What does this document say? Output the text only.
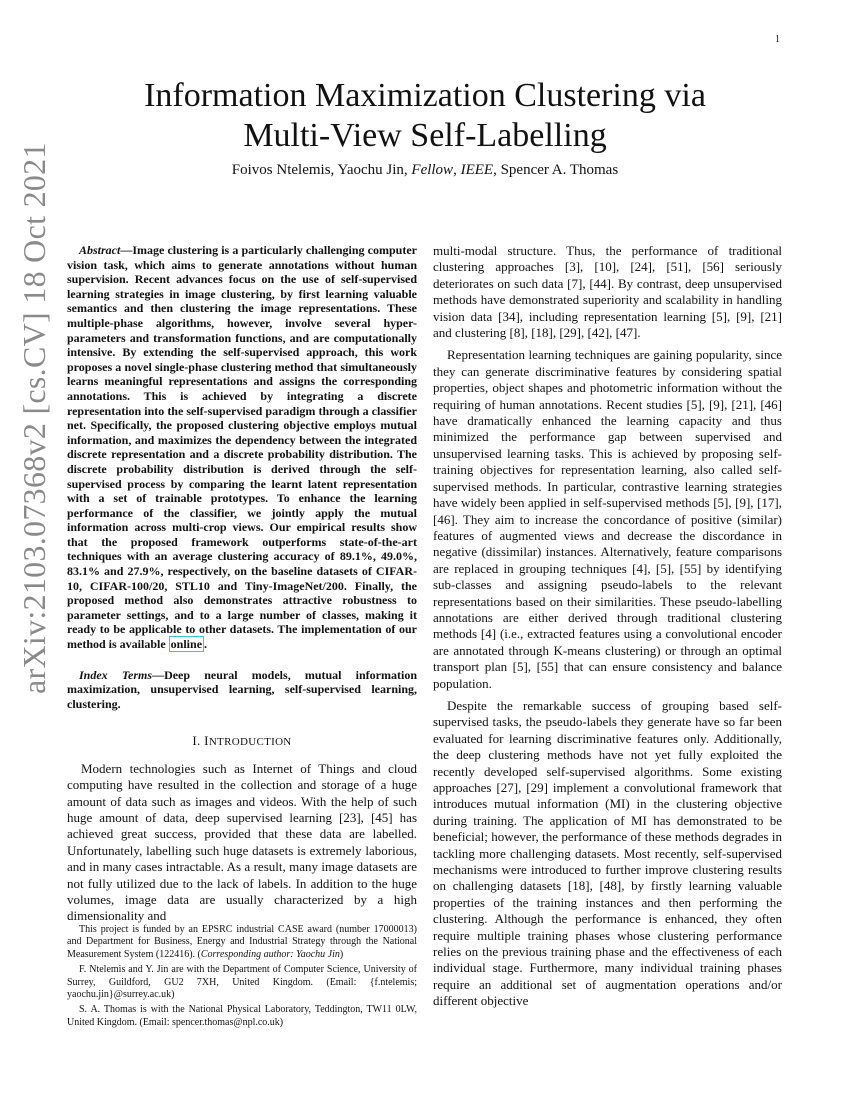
1
arXiv:2103.07368v2 [cs.CV] 18 Oct 2021
Information Maximization Clustering via
Multi-View Self-Labelling
Foivos Ntelemis, Yaochu Jin, Fellow, IEEE, Spencer A. Thomas

Abstract—Image clustering is a particularly challenging computer vision task, which aims to generate annotations without human supervision. Recent advances focus on the use of self-supervised learning strategies in image clustering, by first learning valuable semantics and then clustering the image representations. These multiple-phase algorithms, however, involve several hyper-parameters and transformation functions, and are computationally intensive. By extending the self-supervised approach, this work proposes a novel single-phase clustering method that simultaneously learns meaningful representations and assigns the corresponding annotations. This is achieved by integrating a discrete representation into the self-supervised paradigm through a classifier net. Specifically, the proposed clustering objective employs mutual information, and maximizes the dependency between the integrated discrete representation and a discrete probability distribution. The discrete probability distribution is derived through the self-supervised process by comparing the learnt latent representation with a set of trainable prototypes. To enhance the learning performance of the classifier, we jointly apply the mutual information across multi-crop views. Our empirical results show that the proposed framework outperforms state-of-the-art techniques with an average clustering accuracy of 89.1%, 49.0%, 83.1% and 27.9%, respectively, on the baseline datasets of CIFAR-10, CIFAR-100/20, STL10 and Tiny-ImageNet/200. Finally, the proposed method also demonstrates attractive robustness to parameter settings, and to a large number of classes, making it ready to be applicable to other datasets. The implementation of our method is available online .

Index Terms—Deep neural models, mutual information maximization, unsupervised learning, self-supervised learning, clustering.

I. INTRODUCTION

Modern technologies such as Internet of Things and cloud computing have resulted in the collection and storage of a huge amount of data such as images and videos. With the help of such huge amount of data, deep supervised learning [23], [45] has achieved great success, provided that these data are labelled. Unfortunately, labelling such huge datasets is extremely laborious, and in many cases intractable. As a result, many image datasets are not fully utilized due to the lack of labels. In addition to the huge volumes, image data are usually characterized by a high dimensionality and

multi-modal structure. Thus, the performance of traditional clustering approaches [3], [10], [24], [51], [56] seriously deteriorates on such data [7], [44]. By contrast, deep unsupervised methods have demonstrated superiority and scalability in handling vision data [34], including representation learning [5], [9], [21] and clustering [8], [18], [29], [42], [47].

Representation learning techniques are gaining popularity, since they can generate discriminative features by considering spatial properties, object shapes and photometric information without the requiring of human annotations. Recent studies [5], [9], [21], [46] have dramatically enhanced the learning capacity and thus minimized the performance gap between supervised and unsupervised learning tasks. This is achieved by proposing self-training objectives for representation learning, also called self-supervised methods. In particular, contrastive learning strategies have widely been applied in self-supervised methods [5], [9], [17], [46]. They aim to increase the concordance of positive (similar) features of augmented views and decrease the discordance in negative (dissimilar) instances. Alternatively, feature comparisons are replaced in grouping techniques [4], [5], [55] by identifying sub-classes and assigning pseudo-labels to the relevant representations based on their similarities. These pseudo-labelling annotations are either derived through traditional clustering methods [4] (i.e., extracted features using a convolutional encoder are annotated through K-means clustering) or through an optimal transport plan [5], [55] that can ensure consistency and balance population.

Despite the remarkable success of grouping based self-supervised tasks, the pseudo-labels they generate have so far been evaluated for learning discriminative features only. Additionally, the deep clustering methods have not yet fully exploited the recently developed self-supervised algorithms. Some existing approaches [27], [29] implement a convolutional framework that introduces mutual information (MI) in the clustering objective during training. The application of MI has demonstrated to be beneficial; however, the performance of these methods degrades in tackling more challenging datasets. Most recently, self-supervised mechanisms were introduced to further improve clustering results on challenging datasets [18], [48], by firstly learning valuable properties of the training instances and then performing the clustering. Although the performance is enhanced, they often require multiple training phases whose clustering performance relies on the previous training phase and the effectiveness of each individual stage. Furthermore, many individual training phases require an additional set of augmentation operations and/or different objective

This project is funded by an EPSRC industrial CASE award (number 17000013) and Department for Business, Energy and Industrial Strategy through the National Measurement System (122416). (Corresponding author: Yaochu Jin)

F. Ntelemis and Y. Jin are with the Department of Computer Science, University of Surrey, Guildford, GU2 7XH, United Kingdom. (Email: {f.ntelemis; yaochu.jin}@surrey.ac.uk)

S. A. Thomas is with the National Physical Laboratory, Teddington, TW11 0LW, United Kingdom. (Email: spencer.thomas@npl.co.uk)
